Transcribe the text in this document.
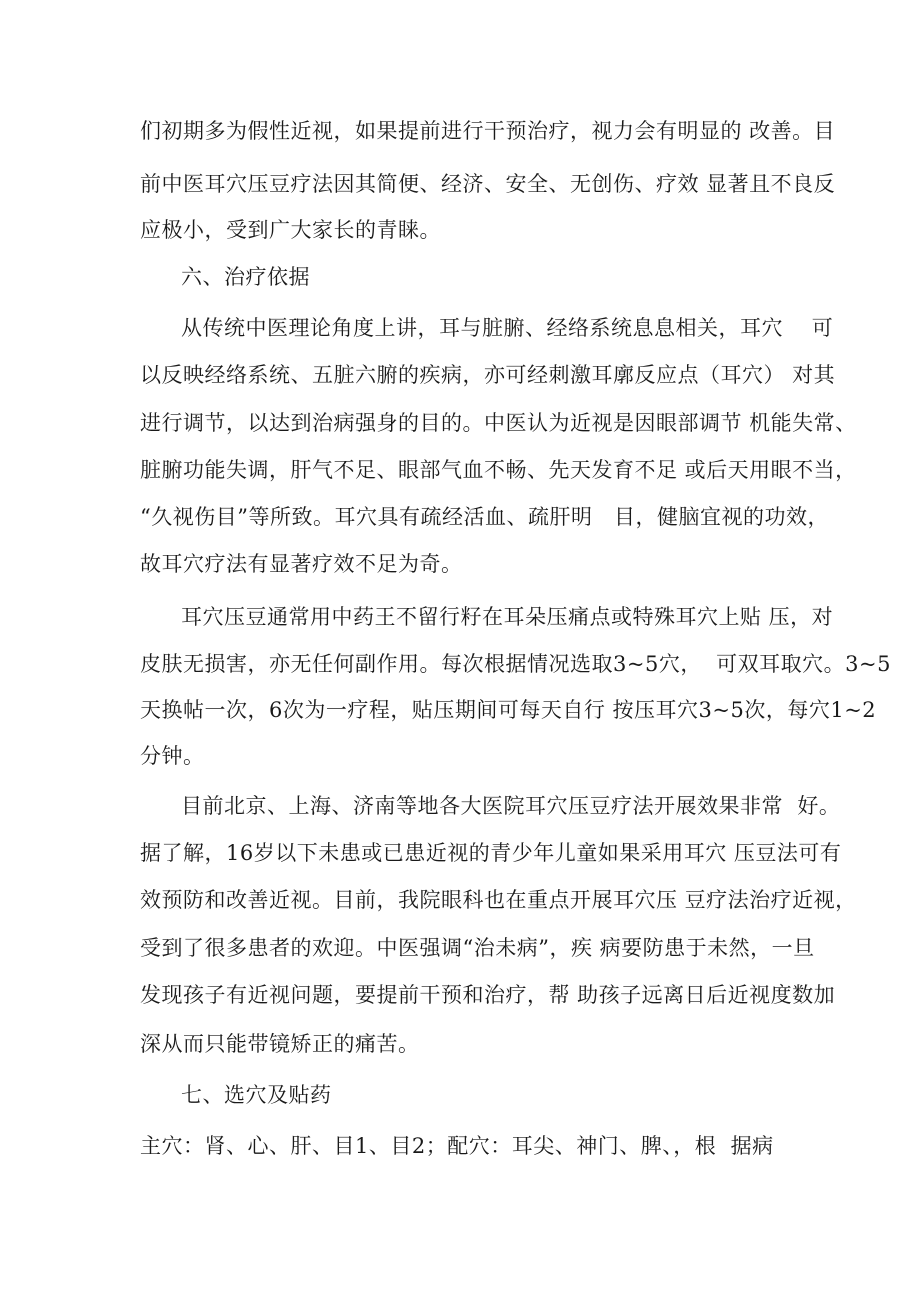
们初期多为假性近视，如果提前进行干预治疗，视力会有明显的 改善。目
前中医耳穴压豆疗法因其简便、经济、安全、无创伤、疗效 显著且不良反
应极小，受到广大家长的青睐。
六、治疗依据
从传统中医理论角度上讲，耳与脏腑、经络系统息息相关，耳穴    可
以反映经络系统、五脏六腑的疾病，亦可经刺激耳廓反应点（耳穴） 对其
进行调节，以达到治病强身的目的。中医认为近视是因眼部调节 机能失常、
脏腑功能失调，肝气不足、眼部气血不畅、先天发育不足 或后天用眼不当，
“久视伤目”等所致。耳穴具有疏经活血、疏肝明   目，健脑宜视的功效，
故耳穴疗法有显著疗效不足为奇。
耳穴压豆通常用中药王不留行籽在耳朵压痛点或特殊耳穴上贴 压，对
皮肤无损害，亦无任何副作用。每次根据情况选取3~5穴，  可双耳取穴。3~5
天换帖一次，6次为一疗程，贴压期间可每天自行 按压耳穴3~5次，每穴1~2
分钟。
目前北京、上海、济南等地各大医院耳穴压豆疗法开展效果非常  好。
据了解，16岁以下未患或已患近视的青少年儿童如果采用耳穴 压豆法可有
效预防和改善近视。目前，我院眼科也在重点开展耳穴压 豆疗法治疗近视，
受到了很多患者的欢迎。中医强调“治未病”，疾 病要防患于未然，一旦
发现孩子有近视问题，要提前干预和治疗，帮 助孩子远离日后近视度数加
深从而只能带镜矫正的痛苦。
七、选穴及贴药
主穴：肾、心、肝、目1、目2；配穴：耳尖、神门、脾、，根  据病
